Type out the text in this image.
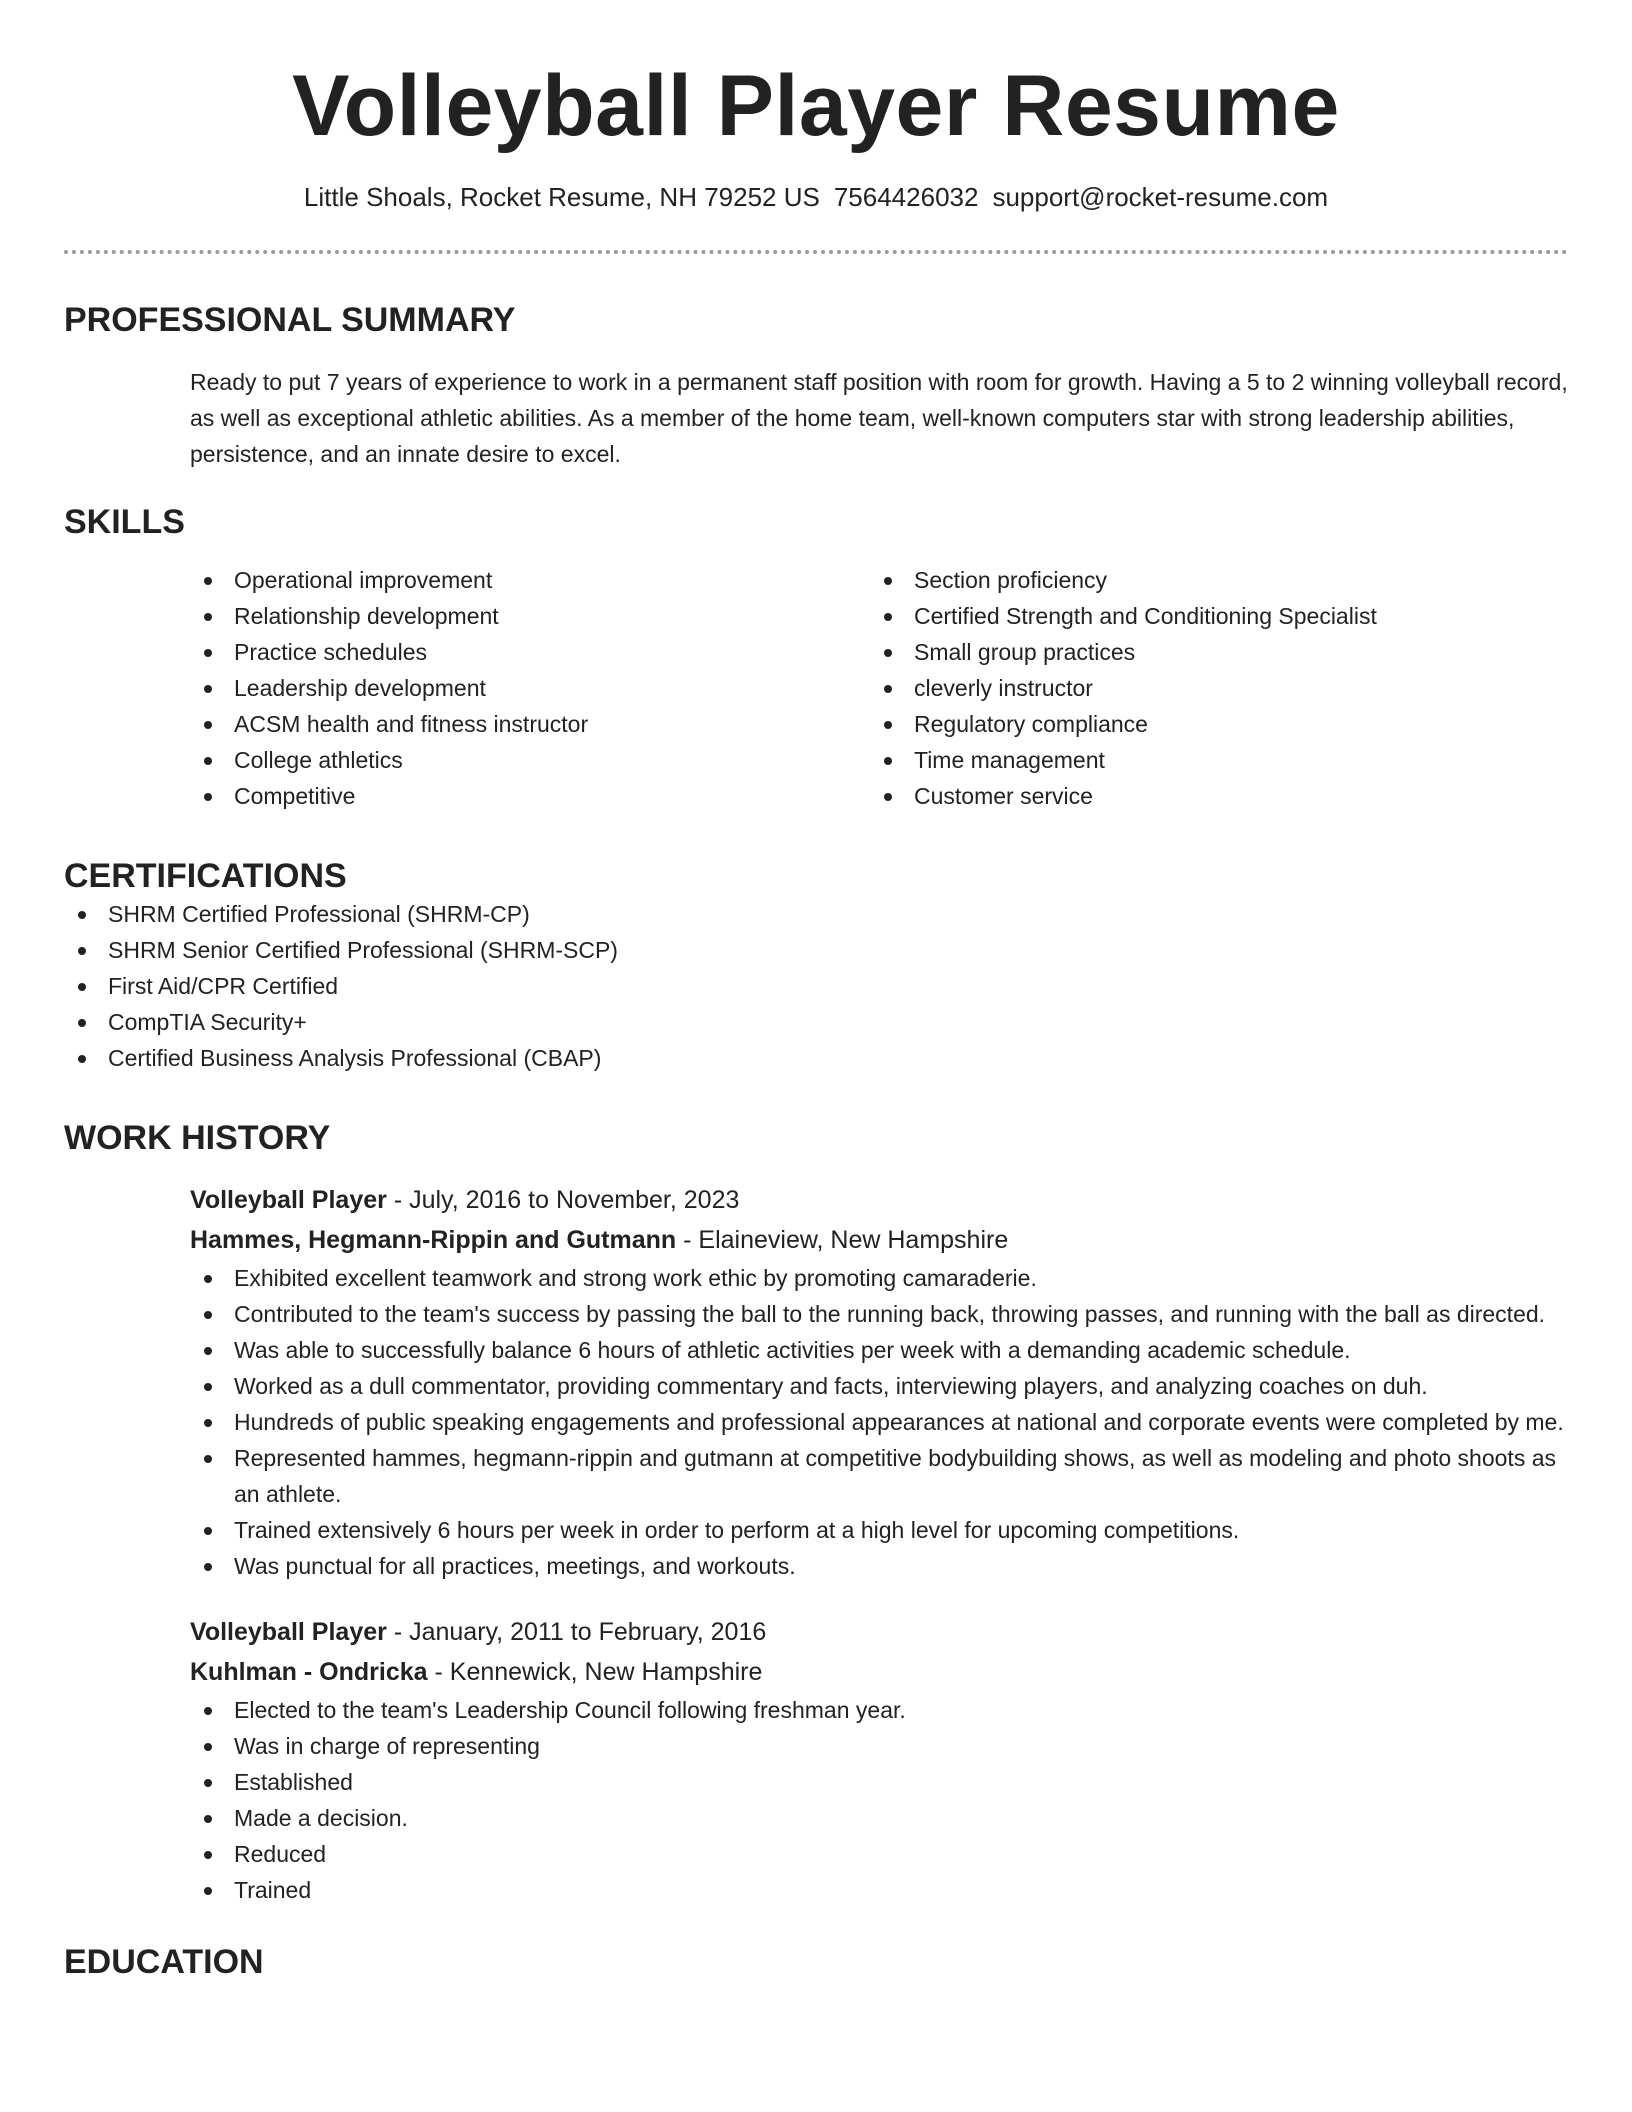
Volleyball Player Resume
Little Shoals, Rocket Resume, NH 79252 US 7564426032 support@rocket-resume.com
PROFESSIONAL SUMMARY

Ready to put 7 years of experience to work in a permanent staff position with room for growth. Having a 5 to 2 winning volleyball record, as well as exceptional athletic abilities. As a member of the home team, well-known computers star with strong leadership abilities, persistence, and an innate desire to excel.

SKILLS
Operational improvement
Relationship development
Practice schedules
Leadership development
ACSM health and fitness instructor
College athletics
Competitive
Section proficiency
Certified Strength and Conditioning Specialist
Small group practices
cleverly instructor
Regulatory compliance
Time management
Customer service
CERTIFICATIONS
SHRM Certified Professional (SHRM-CP)
SHRM Senior Certified Professional (SHRM-SCP)
First Aid/CPR Certified
CompTIA Security+
Certified Business Analysis Professional (CBAP)
WORK HISTORY
Volleyball Player - July, 2016 to November, 2023
Hammes, Hegmann-Rippin and Gutmann - Elaineview, New Hampshire
Exhibited excellent teamwork and strong work ethic by promoting camaraderie.
Contributed to the team's success by passing the ball to the running back, throwing passes, and running with the ball as directed.
Was able to successfully balance 6 hours of athletic activities per week with a demanding academic schedule.
Worked as a dull commentator, providing commentary and facts, interviewing players, and analyzing coaches on duh.
Hundreds of public speaking engagements and professional appearances at national and corporate events were completed by me.
Represented hammes, hegmann-rippin and gutmann at competitive bodybuilding shows, as well as modeling and photo shoots as an athlete.
Trained extensively 6 hours per week in order to perform at a high level for upcoming competitions.
Was punctual for all practices, meetings, and workouts.
Volleyball Player - January, 2011 to February, 2016
Kuhlman - Ondricka - Kennewick, New Hampshire
Elected to the team's Leadership Council following freshman year.
Was in charge of representing
Established
Made a decision.
Reduced
Trained
EDUCATION
